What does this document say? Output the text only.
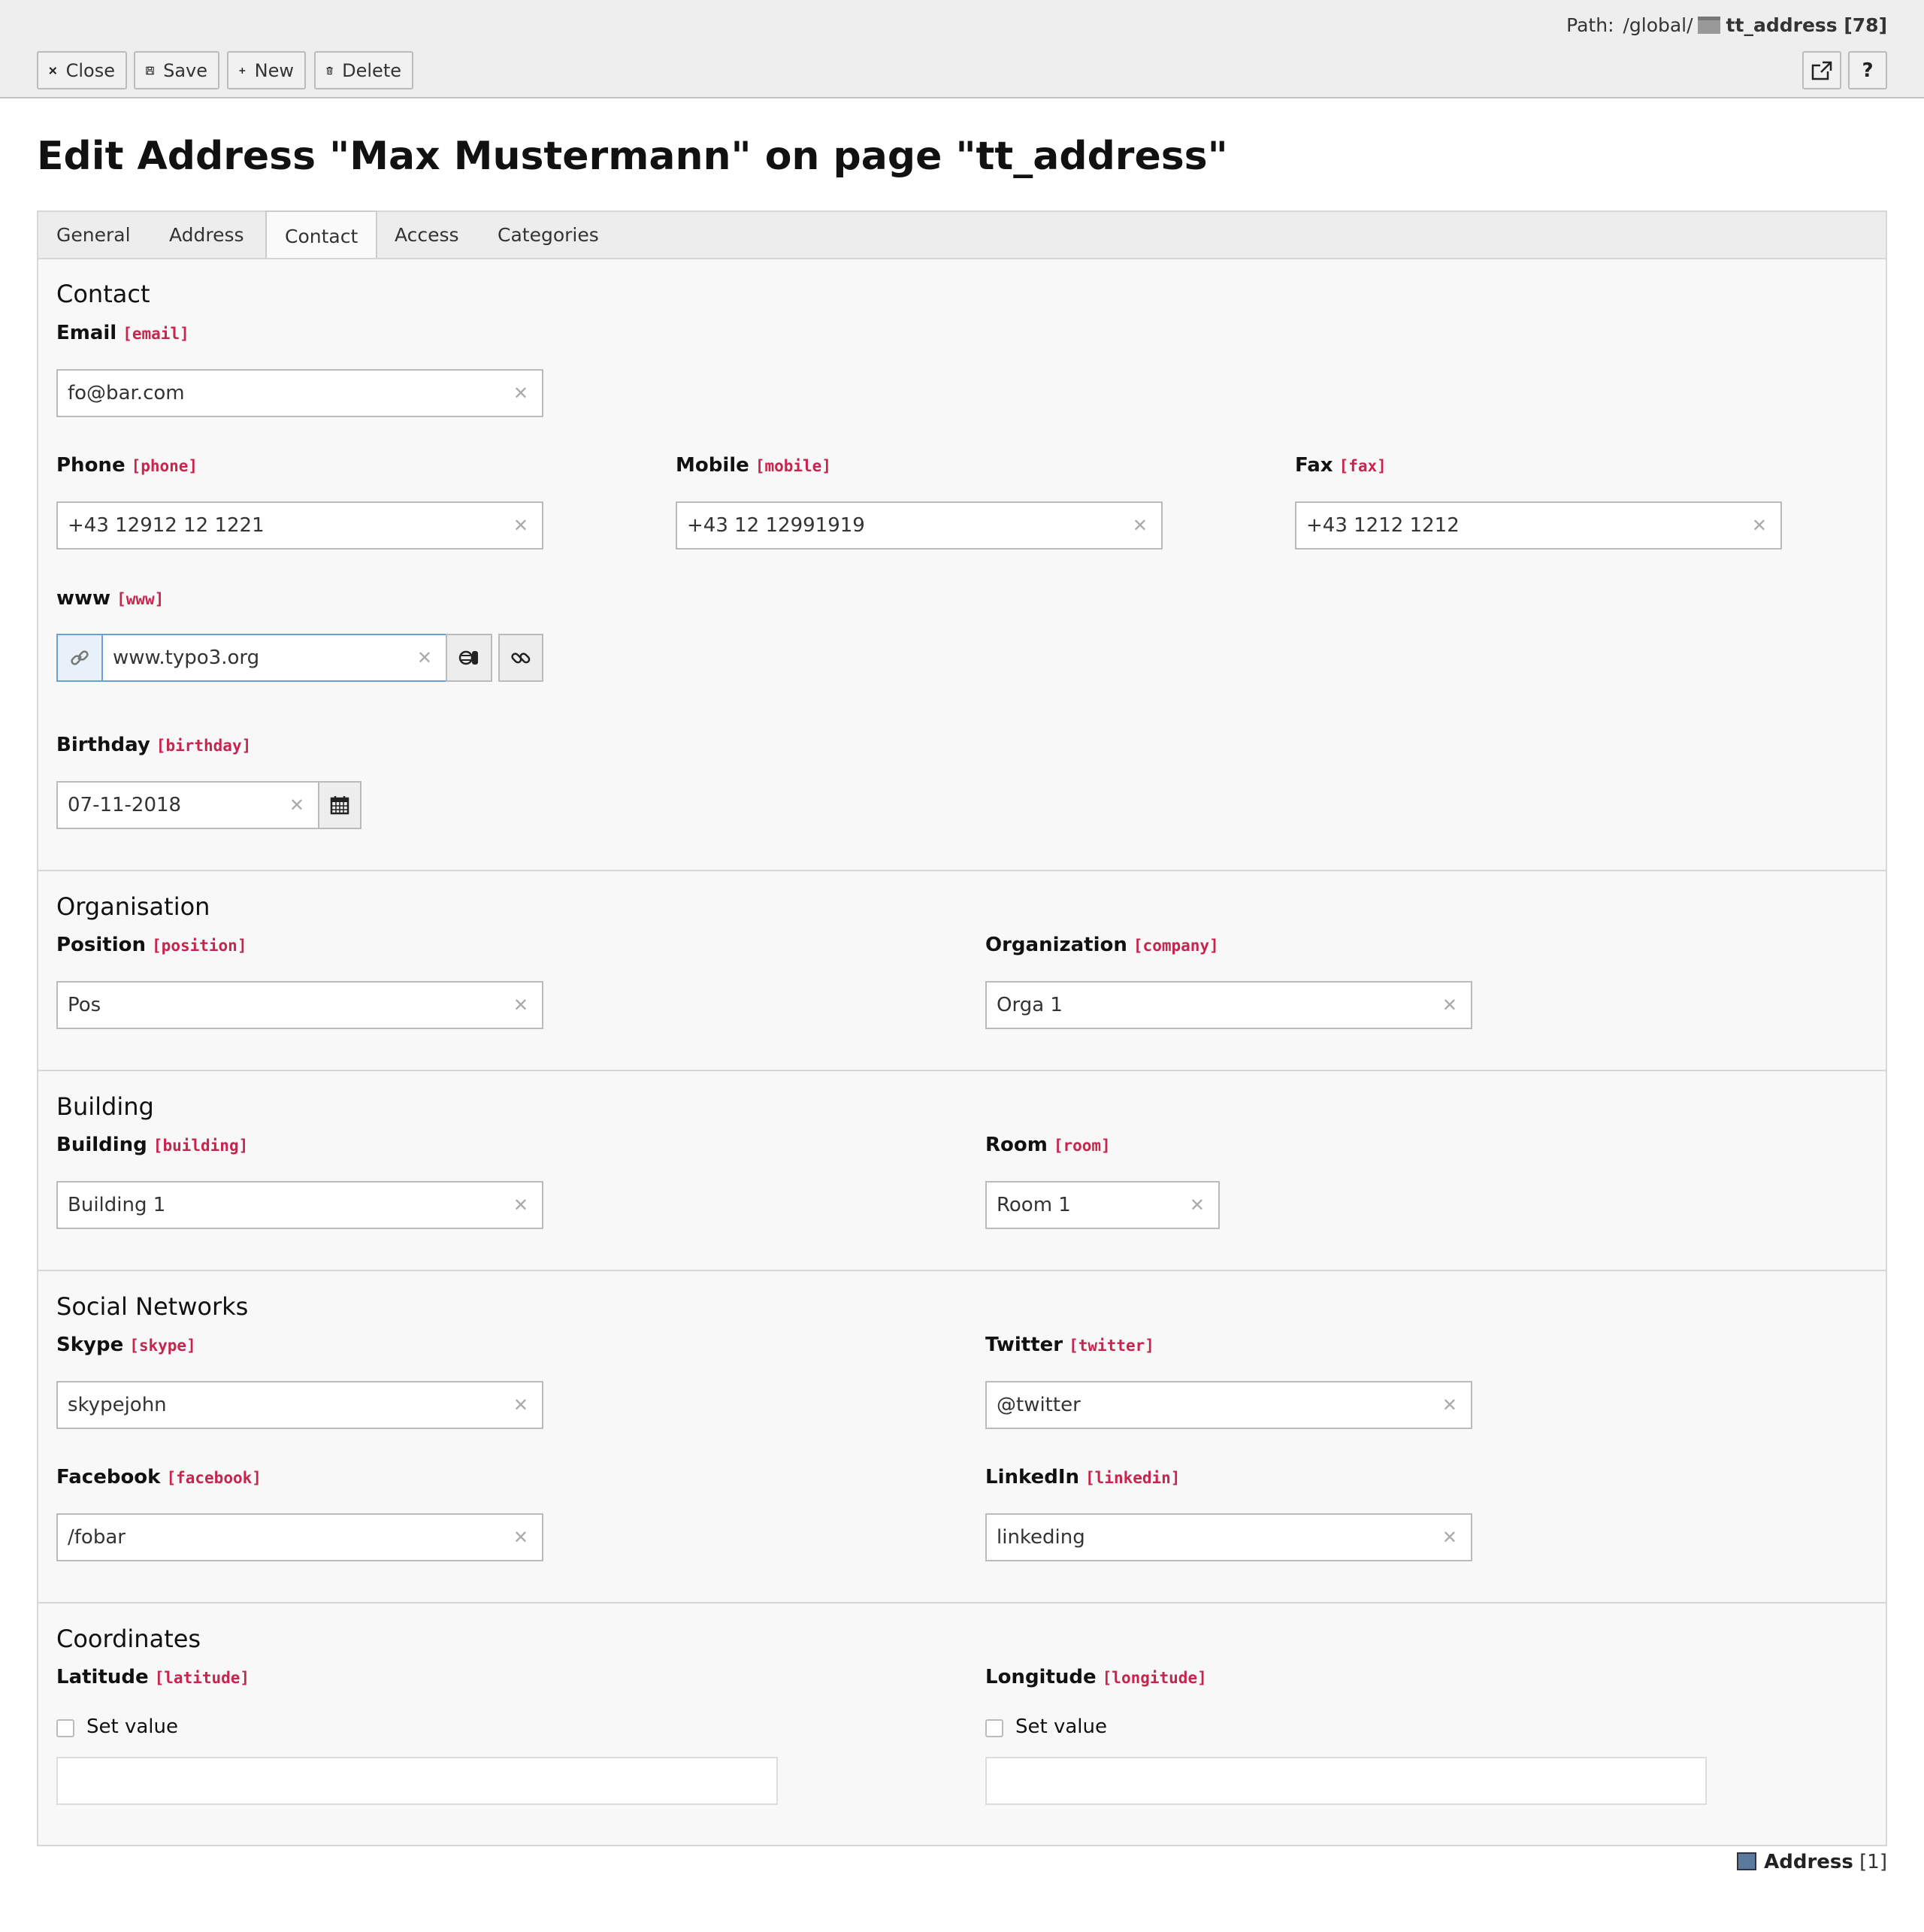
Path: /global/ tt_address [78]
Close	Save	New	Delete	?
Edit Address "Max Mustermann" on page "tt_address"
General	Address	Contact	Access	Categories
Contact
Email [email]
fo@bar.com	✕
Phone [phone]
+43 12912 12 1221	✕
Mobile [mobile]
+43 12 12991919	✕
Fax [fax]
+43 1212 1212	✕
www [www]
www.typo3.org	✕
Birthday [birthday]
07-11-2018	✕
Organisation
Position [position]
Pos	✕
Organization [company]
Orga 1	✕
Building
Building [building]
Building 1	✕
Room [room]
Room 1	✕
Social Networks
Skype [skype]
skypejohn	✕
Twitter [twitter]
@twitter	✕
Facebook [facebook]
/fobar	✕
LinkedIn [linkedin]
linkeding	✕
Coordinates
Latitude [latitude]
Set value
Longitude [longitude]
Set value
Address [1]
